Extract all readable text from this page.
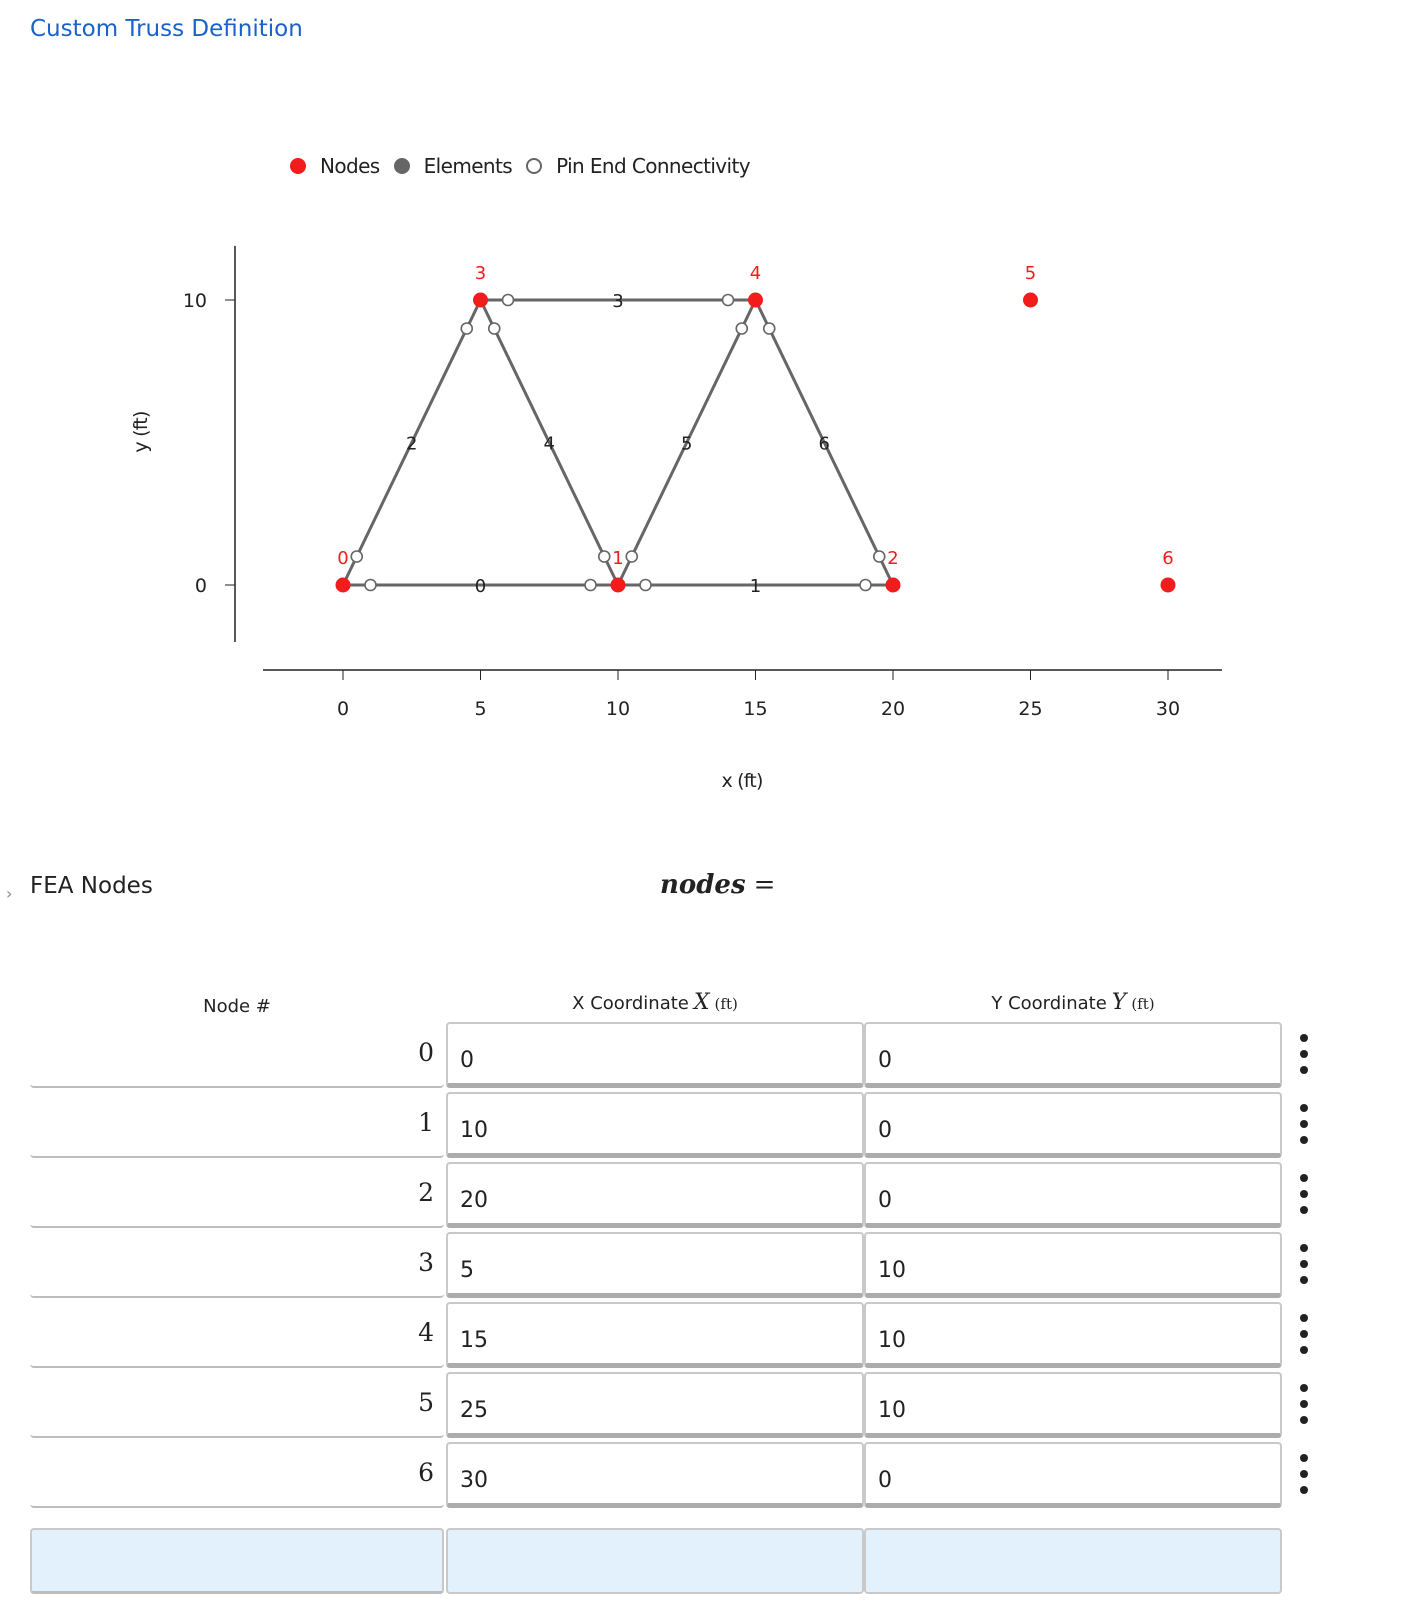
Custom Truss Definition
Nodes Elements Pin End Connectivity
0
10
0	5	10	15	20	25	30
x (ft)
y (ft)
0	1
2
3
4	5	6
0	1	2
3	4	5
6
› FEA Nodes	nodes =
Node #	X Coordinate X (ft)	Y Coordinate Y (ft)
0	0	0
1	10	0
2	20	0
3	5	10
4	15	10
5	25	10
6	30	0
